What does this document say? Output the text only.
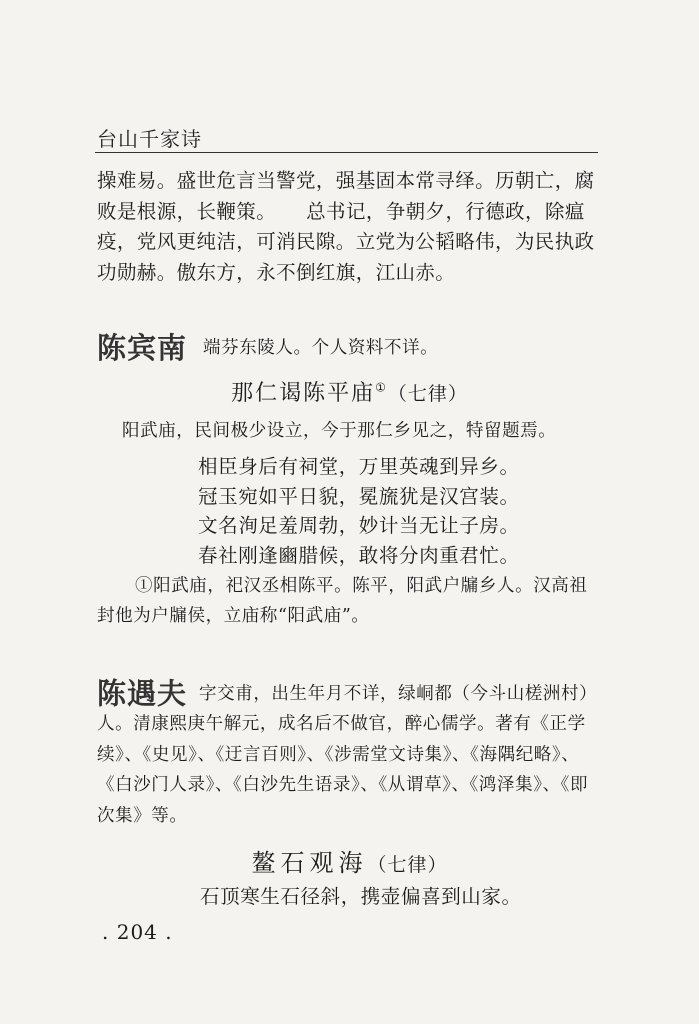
台山千家诗
操难易。盛世危言当警党，强基固本常寻绎。历朝亡，腐败是根源，长鞭策。　　总书记，争朝夕，行德政，除瘟疫，党风更纯洁，可消民隙。立党为公韬略伟，为民执政功勋赫。傲东方，永不倒红旗，江山赤。
陈宾南 端芬东陵人。个人资料不详。
那仁谒陈平庙①（七律）
阳武庙，民间极少设立，今于那仁乡见之，特留题焉。
相臣身后有祠堂，万里英魂到异乡。
冠玉宛如平日貌，冕旒犹是汉宫装。
文名洵足羞周勃，妙计当无让子房。
春社刚逢豳腊候，敢将分肉重君忙。
①阳武庙，祀汉丞相陈平。陈平，阳武户牖乡人。汉高祖封他为户牖侯，立庙称“阳武庙”。
陈遇夫 字交甫，出生年月不详，绿峒都（今斗山槎洲村）人。清康熙庚午解元，成名后不做官，醉心儒学。著有《正学续》、《史见》、《迂言百则》、《涉需堂文诗集》、《海隅纪略》、《白沙门人录》、《白沙先生语录》、《从谓草》、《鸿泽集》、《即次集》等。
鳌石观海（七律）
石顶寒生石径斜，携壶偏喜到山家。
. 204 .
